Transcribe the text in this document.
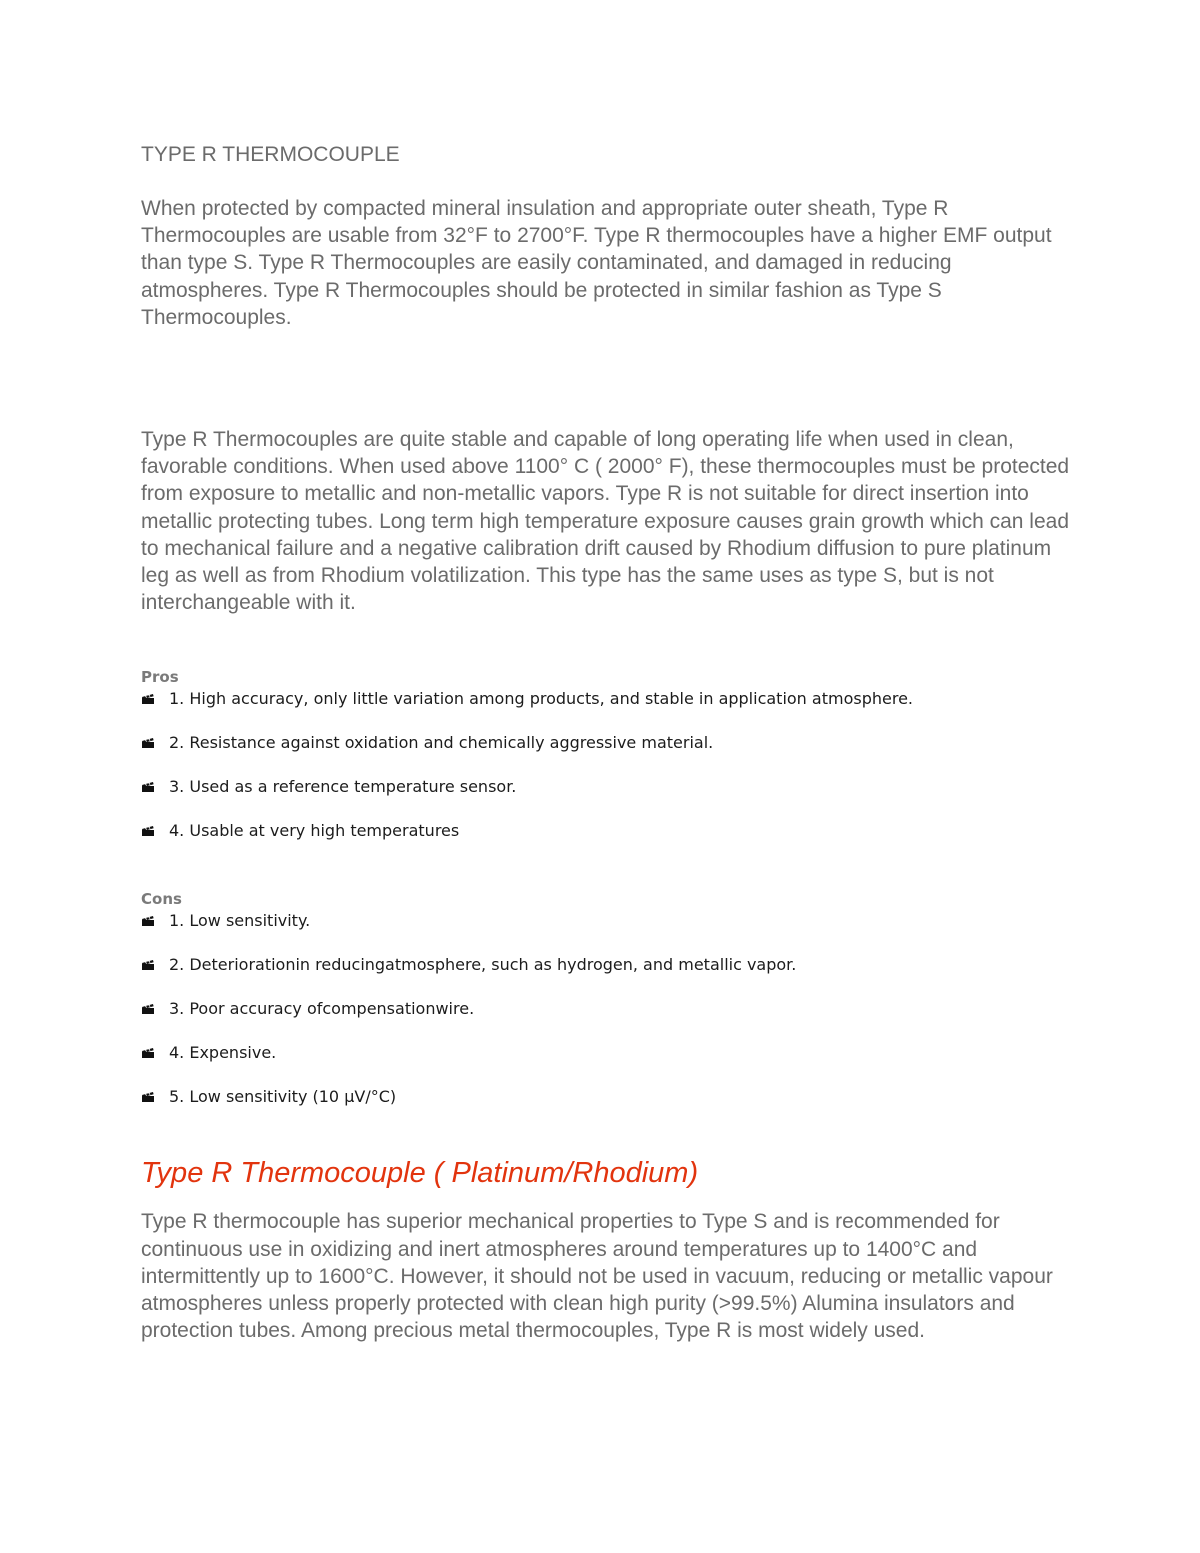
TYPE R THERMOCOUPLE

When protected by compacted mineral insulation and appropriate outer sheath, Type R Thermocouples are usable from 32°F to 2700°F. Type R thermocouples have a higher EMF output than type S. Type R Thermocouples are easily contaminated, and damaged in reducing atmospheres. Type R Thermocouples should be protected in similar fashion as Type S Thermocouples.

Type R Thermocouples are quite stable and capable of long operating life when used in clean, favorable conditions. When used above 1100° C ( 2000° F), these thermocouples must be protected from exposure to metallic and non-metallic vapors. Type R is not suitable for direct insertion into metallic protecting tubes. Long term high temperature exposure causes grain growth which can lead to mechanical failure and a negative calibration drift caused by Rhodium diffusion to pure platinum leg as well as from Rhodium volatilization. This type has the same uses as type S, but is not interchangeable with it.

Pros

1. High accuracy, only little variation among products, and stable in application atmosphere.
2. Resistance against oxidation and chemically aggressive material.
3. Used as a reference temperature sensor.
4. Usable at very high temperatures

Cons

1. Low sensitivity.
2. Deteriorationin reducingatmosphere, such as hydrogen, and metallic vapor.
3. Poor accuracy ofcompensationwire.
4. Expensive.
5. Low sensitivity (10 µV/°C)
Type R Thermocouple ( Platinum/Rhodium)

Type R thermocouple has superior mechanical properties to Type S and is recommended for continuous use in oxidizing and inert atmospheres around temperatures up to 1400°C and intermittently up to 1600°C. However, it should not be used in vacuum, reducing or metallic vapour atmospheres unless properly protected with clean high purity (>99.5%) Alumina insulators and protection tubes. Among precious metal thermocouples, Type R is most widely used.
